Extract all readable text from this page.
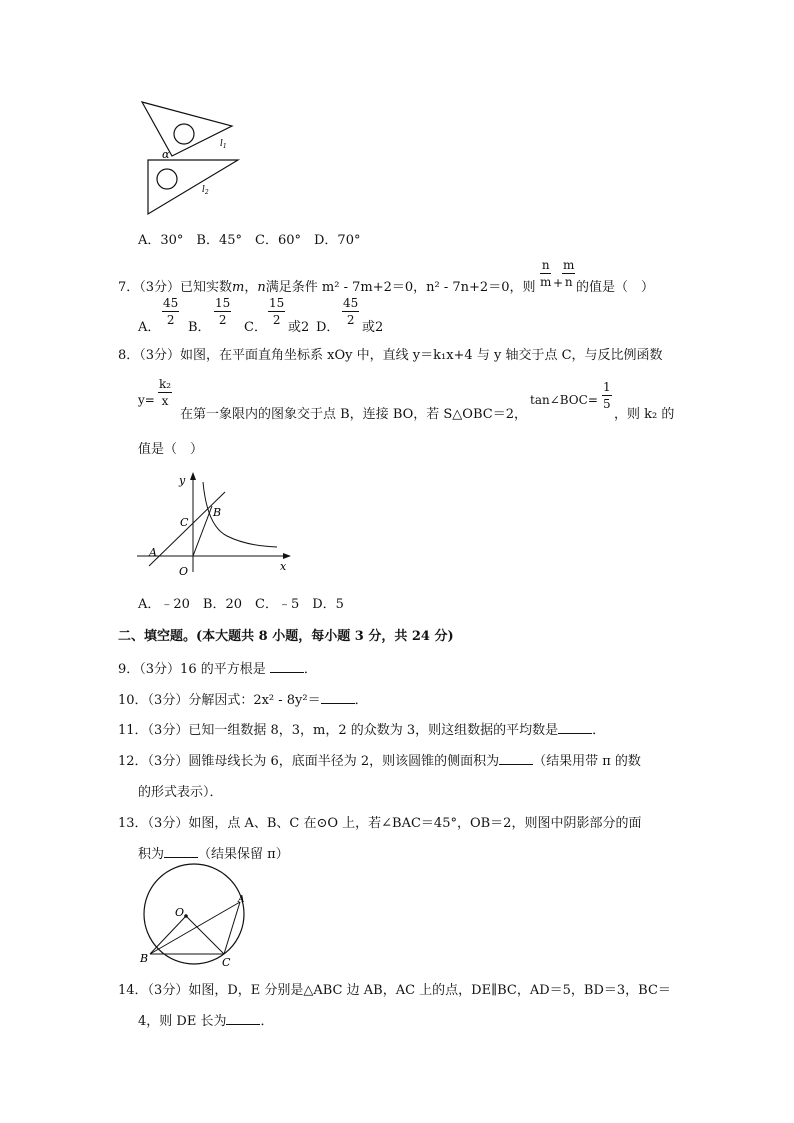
α
$l_1$
$l_2$
A．30°　B．45°　C．60°　D．70°
7．（3分）已知实数m，n满足条件 m² - 7m+2＝0，n² - 7n+2＝0，则
n
m +
m
n 的值是（　）
A．
45
2	B．
15
2	C．
15
2 或2 D．
45
2 或2
8．（3分）如图，在平面直角坐标系 xOy 中，直线 y＝k₁x+4 与 y 轴交于点 C，与反比例函数
y=
k₂
x
在第一象限内的图象交于点 B，连接 BO，若 S△OBC＝2，
tan∠BOC=
1
5
，则 k₂ 的
值是（　）
y
x
O
A
B
C
A．﹣20　B．20　C．﹣5　D．5
二、填空题。(本大题共 8 小题，每小题 3 分，共 24 分)
9．（3分）16 的平方根是	．
10．（3分）分解因式：2x² - 8y²＝	．
11．（3分）已知一组数据 8，3，m，2 的众数为 3，则这组数据的平均数是	．
12．（3分）圆锥母线长为 6，底面半径为 2，则该圆锥的侧面积为	（结果用带 π 的数
的形式表示）．
13．（3分）如图，点 A、B、C 在⊙O 上，若∠BAC＝45°，OB＝2，则图中阴影部分的面
积为	（结果保留 π）
O
A
B	C
14．（3分）如图，D，E 分别是△ABC 边 AB，AC 上的点，DE∥BC，AD＝5，BD＝3，BC＝
4，则 DE 长为	．
